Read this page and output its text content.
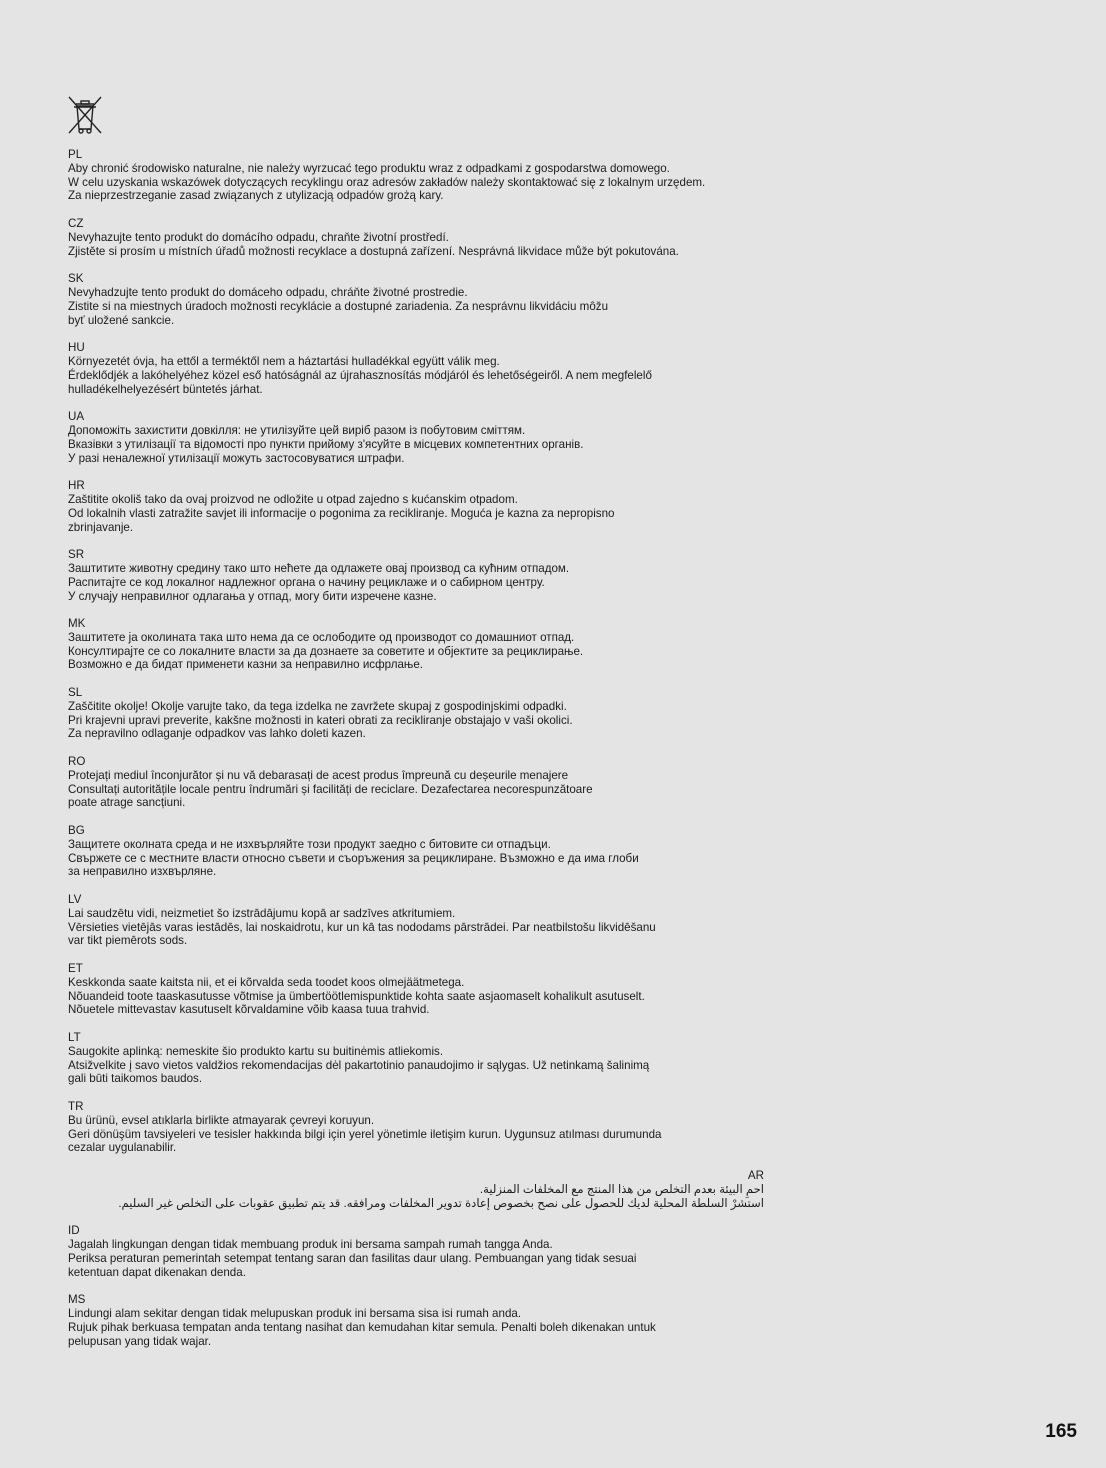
PL
Aby chronić środowisko naturalne, nie należy wyrzucać tego produktu wraz z odpadkami z gospodarstwa domowego.
W celu uzyskania wskazówek dotyczących recyklingu oraz adresów zakładów należy skontaktować się z lokalnym urzędem.
Za nieprzestrzeganie zasad związanych z utylizacją odpadów grożą kary.
CZ
Nevyhazujte tento produkt do domácího odpadu, chraňte životní prostředí.
Zjistěte si prosím u místních úřadů možnosti recyklace a dostupná zařízení. Nesprávná likvidace může být pokutována.
SK
Nevyhadzujte tento produkt do domáceho odpadu, chráňte životné prostredie.
Zistite si na miestnych úradoch možnosti recyklácie a dostupné zariadenia. Za nesprávnu likvidáciu môžu
byť uložené sankcie.
HU
Környezetét óvja, ha ettől a terméktől nem a háztartási hulladékkal együtt válik meg.
Érdeklődjék a lakóhelyéhez közel eső hatóságnál az újrahasznosítás módjáról és lehetőségeiről. A nem megfelelő
hulladékelhelyezésért büntetés járhat.
UA
Допоможіть захистити довкілля: не утилізуйте цей виріб разом із побутовим сміттям.
Вказівки з утилізації та відомості про пункти прийому з'ясуйте в місцевих компетентних органів.
У разі неналежної утилізації можуть застосовуватися штрафи.
HR
Zaštitite okoliš tako da ovaj proizvod ne odložite u otpad zajedno s kućanskim otpadom.
Od lokalnih vlasti zatražite savjet ili informacije o pogonima za recikliranje. Moguća je kazna za nepropisno
zbrinjavanje.
SR
Заштитите животну средину тако што нећете да одлажете овај производ са кућним отпадом.
Распитајте се код локалног надлежног органа о начину рециклаже и о сабирном центру.
У случају неправилног одлагања у отпад, могу бити изречене казне.
MK
Заштитете ја околината така што нема да се ослободите од производот со домашниот отпад.
Консултирајте се со локалните власти за да дознаете за советите и објектите за рециклирање.
Возможно е да бидат применети казни за неправилно исфрлање.
SL
Zaščitite okolje! Okolje varujte tako, da tega izdelka ne zavržete skupaj z gospodinjskimi odpadki.
Pri krajevni upravi preverite, kakšne možnosti in kateri obrati za recikliranje obstajajo v vaši okolici.
Za nepravilno odlaganje odpadkov vas lahko doleti kazen.
RO
Protejați mediul înconjurător și nu vă debarasați de acest produs împreună cu deșeurile menajere
Consultați autoritățile locale pentru îndrumări și facilități de reciclare. Dezafectarea necorespunzătoare
poate atrage sancțiuni.
BG
Защитете околната среда и не изхвърляйте този продукт заедно с битовите си отпадъци.
Свържете се с местните власти относно съвети и съоръжения за рециклиране. Възможно е да има глоби
за неправилно изхвърляне.
LV
Lai saudzētu vidi, neizmetiet šo izstrādājumu kopā ar sadzīves atkritumiem.
Vērsieties vietējās varas iestādēs, lai noskaidrotu, kur un kā tas nododams pārstrādei. Par neatbilstošu likvidēšanu
var tikt piemērots sods.
ET
Keskkonda saate kaitsta nii, et ei kõrvalda seda toodet koos olmejäätmetega.
Nõuandeid toote taaskasutusse võtmise ja ümbertöötlemispunktide kohta saate asjaomaselt kohalikult asutuselt.
Nõuetele mittevastav kasutuselt kõrvaldamine võib kaasa tuua trahvid.
LT
Saugokite aplinką: nemeskite šio produkto kartu su buitinėmis atliekomis.
Atsižvelkite į savo vietos valdžios rekomendacijas dėl pakartotinio panaudojimo ir sąlygas. Už netinkamą šalinimą
gali būti taikomos baudos.
TR
Bu ürünü, evsel atıklarla birlikte atmayarak çevreyi koruyun.
Geri dönüşüm tavsiyeleri ve tesisler hakkında bilgi için yerel yönetimle iletişim kurun. Uygunsuz atılması durumunda
cezalar uygulanabilir.
AR
احمِ البيئة بعدم التخلص من هذا المنتج مع المخلفات المنزلية.
استشرْ السلطة المحلية لديك للحصول على نصح بخصوص إعادة تدوير المخلفات ومرافقه. قد يتم تطبيق عقوبات على التخلص غير السليم.
ID
Jagalah lingkungan dengan tidak membuang produk ini bersama sampah rumah tangga Anda.
Periksa peraturan pemerintah setempat tentang saran dan fasilitas daur ulang. Pembuangan yang tidak sesuai
ketentuan dapat dikenakan denda.
MS
Lindungi alam sekitar dengan tidak melupuskan produk ini bersama sisa isi rumah anda.
Rujuk pihak berkuasa tempatan anda tentang nasihat dan kemudahan kitar semula. Penalti boleh dikenakan untuk
pelupusan yang tidak wajar.
165
